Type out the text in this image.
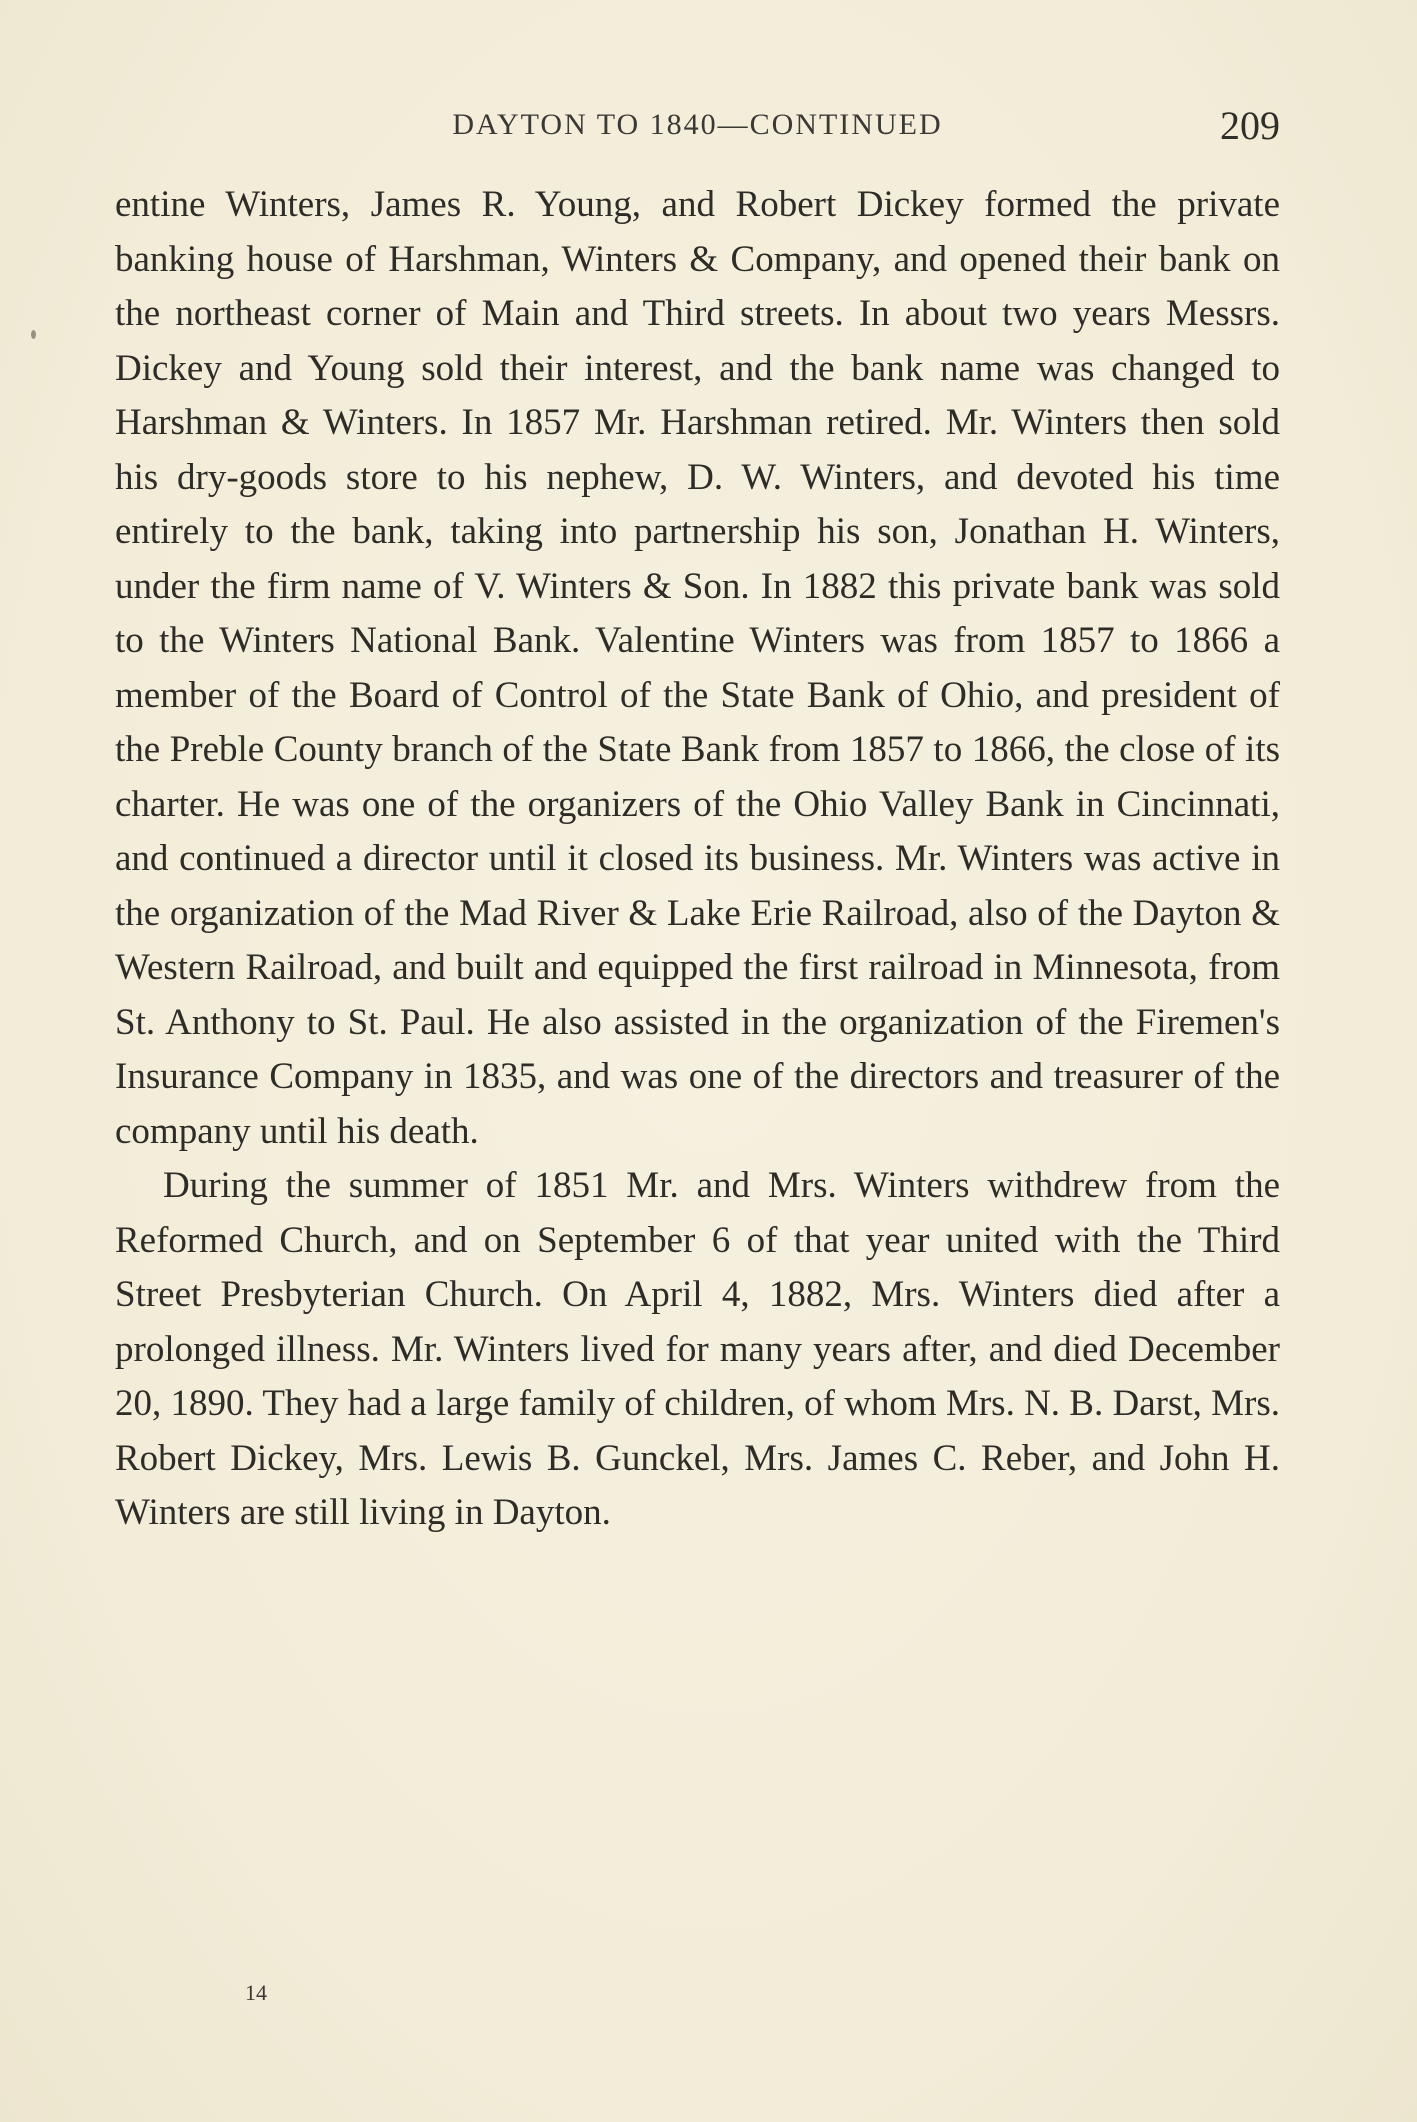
DAYTON TO 1840—CONTINUED	209

entine Winters, James R. Young, and Robert Dickey formed the private banking house of Harshman, Winters & Company, and opened their bank on the northeast corner of Main and Third streets. In about two years Messrs. Dickey and Young sold their interest, and the bank name was changed to Harshman & Winters. In 1857 Mr. Harshman retired. Mr. Winters then sold his dry-goods store to his nephew, D. W. Winters, and devoted his time entirely to the bank, taking into partnership his son, Jonathan H. Winters, under the firm name of V. Winters & Son. In 1882 this private bank was sold to the Winters National Bank. Valentine Winters was from 1857 to 1866 a member of the Board of Control of the State Bank of Ohio, and president of the Preble County branch of the State Bank from 1857 to 1866, the close of its charter. He was one of the organizers of the Ohio Valley Bank in Cincinnati, and continued a director until it closed its business. Mr. Winters was active in the organization of the Mad River & Lake Erie Railroad, also of the Dayton & Western Railroad, and built and equipped the first railroad in Minnesota, from St. Anthony to St. Paul. He also assisted in the organization of the Firemen's Insurance Company in 1835, and was one of the directors and treasurer of the company until his death.

During the summer of 1851 Mr. and Mrs. Winters withdrew from the Reformed Church, and on September 6 of that year united with the Third Street Presbyterian Church. On April 4, 1882, Mrs. Winters died after a prolonged illness. Mr. Winters lived for many years after, and died December 20, 1890. They had a large family of children, of whom Mrs. N. B. Darst, Mrs. Robert Dickey, Mrs. Lewis B. Gunckel, Mrs. James C. Reber, and John H. Winters are still living in Dayton.

14
